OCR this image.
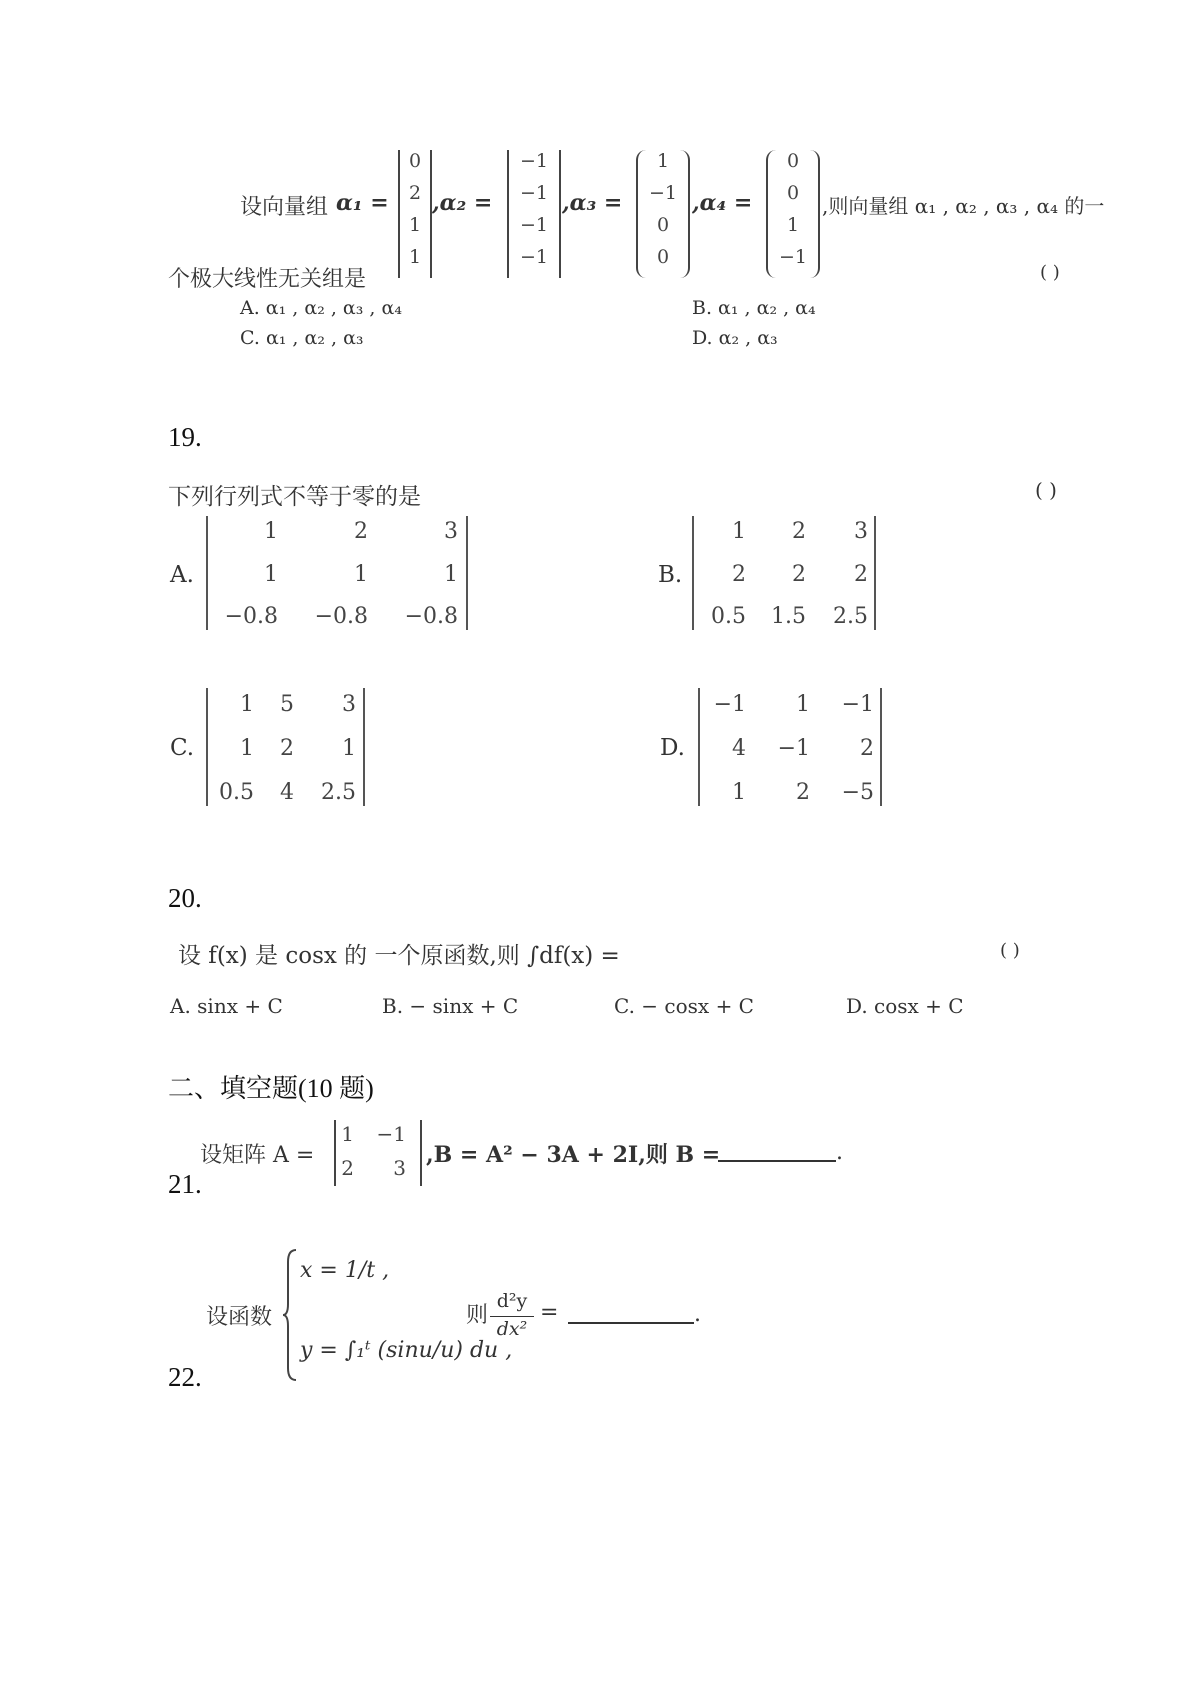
设向量组 α₁ =
0
2
1
1
,α₂ =
−1
−1
−1
−1
,α₃ =
1
−1
0
0
,α₄ =
0
0
1
−1
,则向量组 α₁ , α₂ , α₃ , α₄ 的一
个极大线性无关组是	( )
A. α₁ , α₂ , α₃ , α₄	B. α₁ , α₂ , α₄
C. α₁ , α₂ , α₃	D. α₂ , α₃
19.
下列行列式不等于零的是	( )
A.
1	2	3
1	1	1
−0.8	−0.8	−0.8
B.
1	2	3
2	2	2
0.5	1.5	2.5
C.
1	5	3
1	2	1
0.5	4	2.5
D.
−1	1	−1
4	−1	2
1	2	−5
20.
设 f(x) 是 cosx 的 一个原函数,则 ∫df(x) =	( )
A. sinx + C	B. − sinx + C	C. − cosx + C	D. cosx + C
二、填空题(10 题)
设矩阵 A =
1	−1
2	3 ,B = A² − 3A + 2I,则 B =	.
21.
设函数
x = 1/t ,
y = ∫₁ᵗ (sinu/u) du ,
则
d²y
dx²
=	.
22.
